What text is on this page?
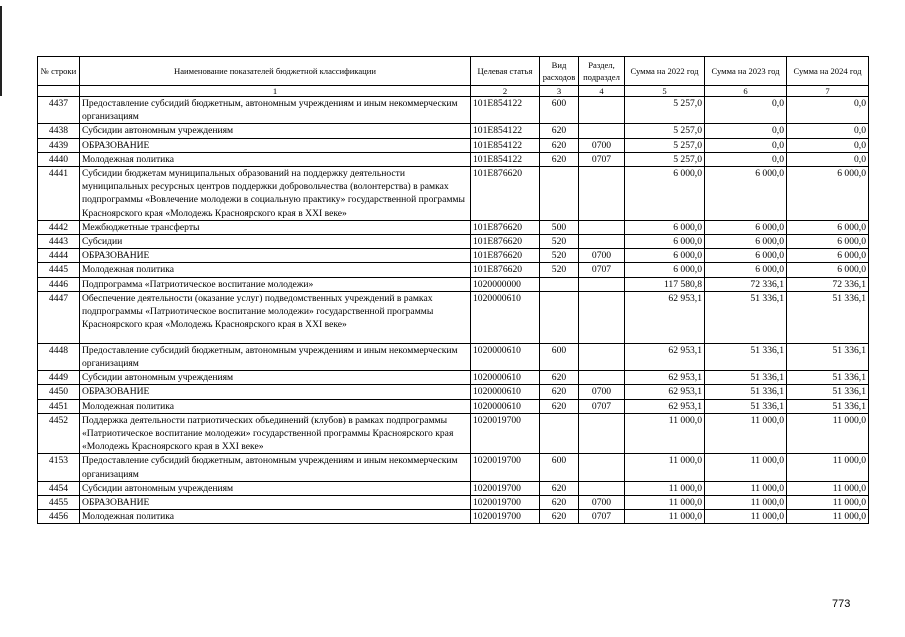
№ строки	Наименование показателей бюджетной классификации	Целевая статья	Вид расходов	Раздел, подраздел	Сумма на 2022 год	Сумма на 2023 год	Сумма на 2024 год
	1	2	3	4	5	6	7
4437	Предоставление субсидий бюджетным, автономным учреждениям и иным некоммерческим организациям	101E854122	600		5 257,0	0,0	0,0
4438	Субсидии автономным учреждениям	101E854122	620		5 257,0	0,0	0,0
4439	ОБРАЗОВАНИЕ	101E854122	620	0700	5 257,0	0,0	0,0
4440	Молодежная политика	101E854122	620	0707	5 257,0	0,0	0,0
4441	Субсидии бюджетам муниципальных образований на поддержку деятельности муниципальных ресурсных центров поддержки добровольчества (волонтерства) в рамках подпрограммы «Вовлечение молодежи в социальную практику» государственной программы Красноярского края «Молодежь Красноярского края в XXI веке»	101E876620			6 000,0	6 000,0	6 000,0
4442	Межбюджетные трансферты	101E876620	500		6 000,0	6 000,0	6 000,0
4443	Субсидии	101E876620	520		6 000,0	6 000,0	6 000,0
4444	ОБРАЗОВАНИЕ	101E876620	520	0700	6 000,0	6 000,0	6 000,0
4445	Молодежная политика	101E876620	520	0707	6 000,0	6 000,0	6 000,0
4446	Подпрограмма «Патриотическое воспитание молодежи»	1020000000			117 580,8	72 336,1	72 336,1
4447	Обеспечение деятельности (оказание услуг) подведомственных учреждений в рамках подпрограммы «Патриотическое воспитание молодежи» государственной программы Красноярского края «Молодежь Красноярского края в XXI веке»	1020000610			62 953,1	51 336,1	51 336,1
4448	Предоставление субсидий бюджетным, автономным учреждениям и иным некоммерческим организациям	1020000610	600		62 953,1	51 336,1	51 336,1
4449	Субсидии автономным учреждениям	1020000610	620		62 953,1	51 336,1	51 336,1
4450	ОБРАЗОВАНИЕ	1020000610	620	0700	62 953,1	51 336,1	51 336,1
4451	Молодежная политика	1020000610	620	0707	62 953,1	51 336,1	51 336,1
4452	Поддержка деятельности патриотических объединений (клубов) в рамках подпрограммы «Патриотическое воспитание молодежи» государственной программы Красноярского края «Молодежь Красноярского края в XXI веке»	1020019700			11 000,0	11 000,0	11 000,0
4153	Предоставление субсидий бюджетным, автономным учреждениям и иным некоммерческим организациям	1020019700	600		11 000,0	11 000,0	11 000,0
4454	Субсидии автономным учреждениям	1020019700	620		11 000,0	11 000,0	11 000,0
4455	ОБРАЗОВАНИЕ	1020019700	620	0700	11 000,0	11 000,0	11 000,0
4456	Молодежная политика	1020019700	620	0707	11 000,0	11 000,0	11 000,0
773
